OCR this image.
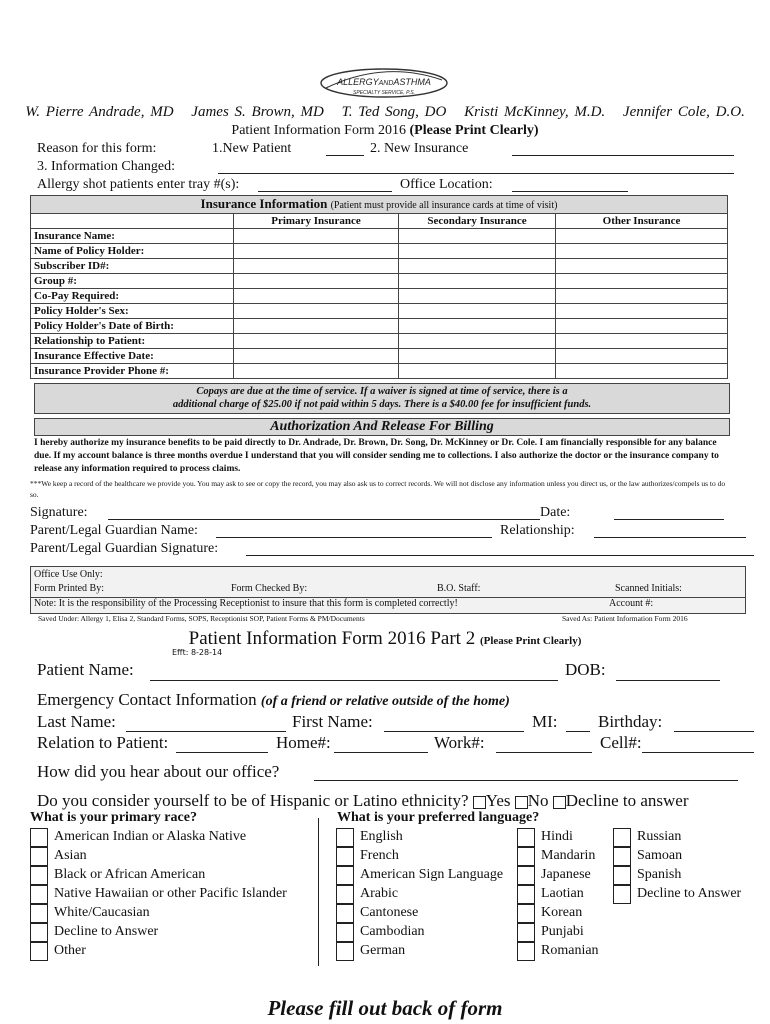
ALLERGYANDASTHMA
SPECIALTY SERVICE, P.S.
W. Pierre Andrade, MD James S. Brown, MD T. Ted Song, DO Kristi McKinney, M.D. Jennifer Cole, D.O.
Patient Information Form 2016 (Please Print Clearly)
Reason for this form:	1.New Patient	2. New Insurance
3. Information Changed:
Allergy shot patients enter tray #(s):	Office Location:
Insurance Information (Patient must provide all insurance cards at time of visit)			
	Primary Insurance	Secondary Insurance	Other Insurance
Insurance Name:			
Name of Policy Holder:			
Subscriber ID#:			
Group #:			
Co-Pay Required:			
Policy Holder's Sex:			
Policy Holder's Date of Birth:			
Relationship to Patient:			
Insurance Effective Date:			
Insurance Provider Phone #:			
Copays are due at the time of service. If a waiver is signed at time of service, there is a
additional charge of $25.00 if not paid within 5 days. There is a $40.00 fee for insufficient funds.
Authorization And Release For Billing
I hereby authorize my insurance benefits to be paid directly to Dr. Andrade, Dr. Brown, Dr. Song, Dr. McKinney or Dr. Cole. I am financially responsible for any balance due. If my account balance is three months overdue I understand that you will consider sending me to collections. I also authorize the doctor or the insurance company to release any information required to process claims.
***We keep a record of the healthcare we provide you. You may ask to see or copy the record, you may also ask us to correct records. We will not disclose any information unless you direct us, or the law authorizes/compels us to do so.
Signature:	Date:
Parent/Legal Guardian Name:	Relationship:
Parent/Legal Guardian Signature:
Office Use Only:
Form Printed By:	Form Checked By:	B.O. Staff:	Scanned Initials:
Note: It is the responsibility of the Processing Receptionist to insure that this form is completed correctly!	Account #:
Saved Under: Allergy 1, Elisa 2, Standard Forms, SOPS, Receptionist SOP, Patient Forms & PM/Documents	Saved As: Patient Information Form 2016
Patient Information Form 2016 Part 2 (Please Print Clearly)
Efft: 8-28-14
Patient Name:	DOB:
Emergency Contact Information (of a friend or relative outside of the home)
Last Name:	First Name:	MI: Birthday:
Relation to Patient:	Home#:	Work#:	Cell#:
How did you hear about our office?
Do you consider yourself to be of Hispanic or Latino ethnicity? Yes No Decline to answer
What is your primary race?	What is your preferred language?
American Indian or Alaska Native
Asian
Black or African American
Native Hawaiian or other Pacific Islander
White/Caucasian
Decline to Answer
Other
English
French
American Sign Language
Arabic
Cantonese
Cambodian
German
Hindi
Mandarin
Japanese
Laotian
Korean
Punjabi
Romanian
Russian
Samoan
Spanish
Decline to Answer
Please fill out back of form
